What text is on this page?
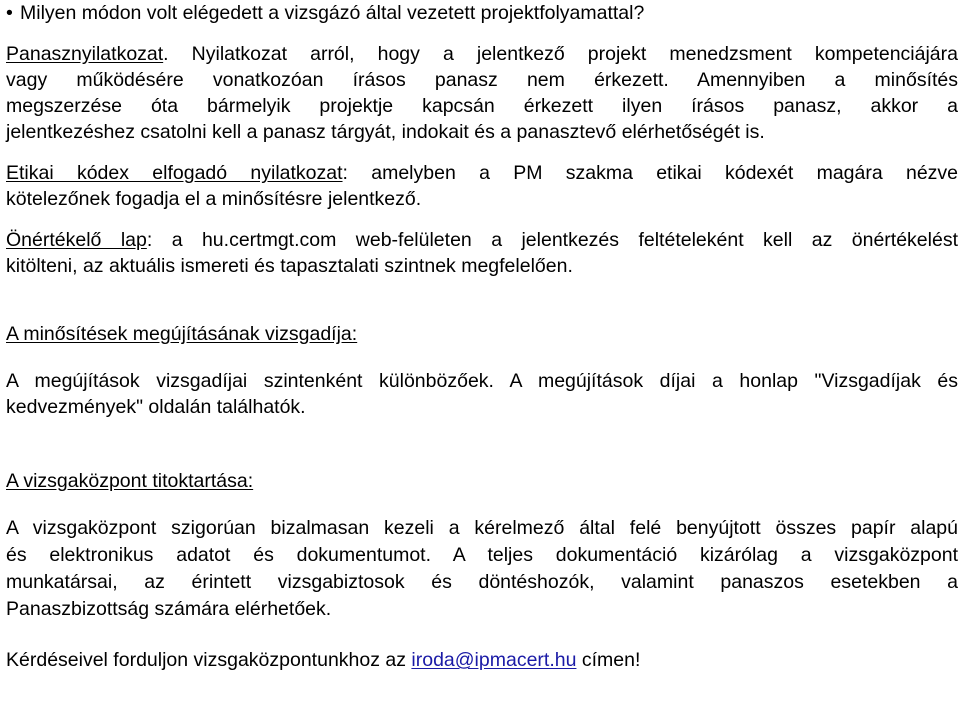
• Milyen módon volt elégedett a vizsgázó által vezetett projektfolyamattal?
Panasznyilatkozat. Nyilatkozat arról, hogy a jelentkező projekt menedzsment kompetenciájára
vagy működésére vonatkozóan írásos panasz nem érkezett. Amennyiben a minősítés
megszerzése óta bármelyik projektje kapcsán érkezett ilyen írásos panasz, akkor a
jelentkezéshez csatolni kell a panasz tárgyát, indokait és a panasztevő elérhetőségét is.
Etikai kódex elfogadó nyilatkozat: amelyben a PM szakma etikai kódexét magára nézve
kötelezőnek fogadja el a minősítésre jelentkező.
Önértékelő lap: a hu.certmgt.com web-felületen a jelentkezés feltételeként kell az önértékelést
kitölteni, az aktuális ismereti és tapasztalati szintnek megfelelően.
A minősítések megújításának vizsgadíja:
A megújítások vizsgadíjai szintenként különbözőek. A megújítások díjai a honlap "Vizsgadíjak és
kedvezmények" oldalán találhatók.
A vizsgaközpont titoktartása:
A vizsgaközpont szigorúan bizalmasan kezeli a kérelmező által felé benyújtott összes papír alapú
és elektronikus adatot és dokumentumot. A teljes dokumentáció kizárólag a vizsgaközpont
munkatársai, az érintett vizsgabiztosok és döntéshozók, valamint panaszos esetekben a
Panaszbizottság számára elérhetőek.
Kérdéseivel forduljon vizsgaközpontunkhoz az iroda@ipmacert.hu címen!
